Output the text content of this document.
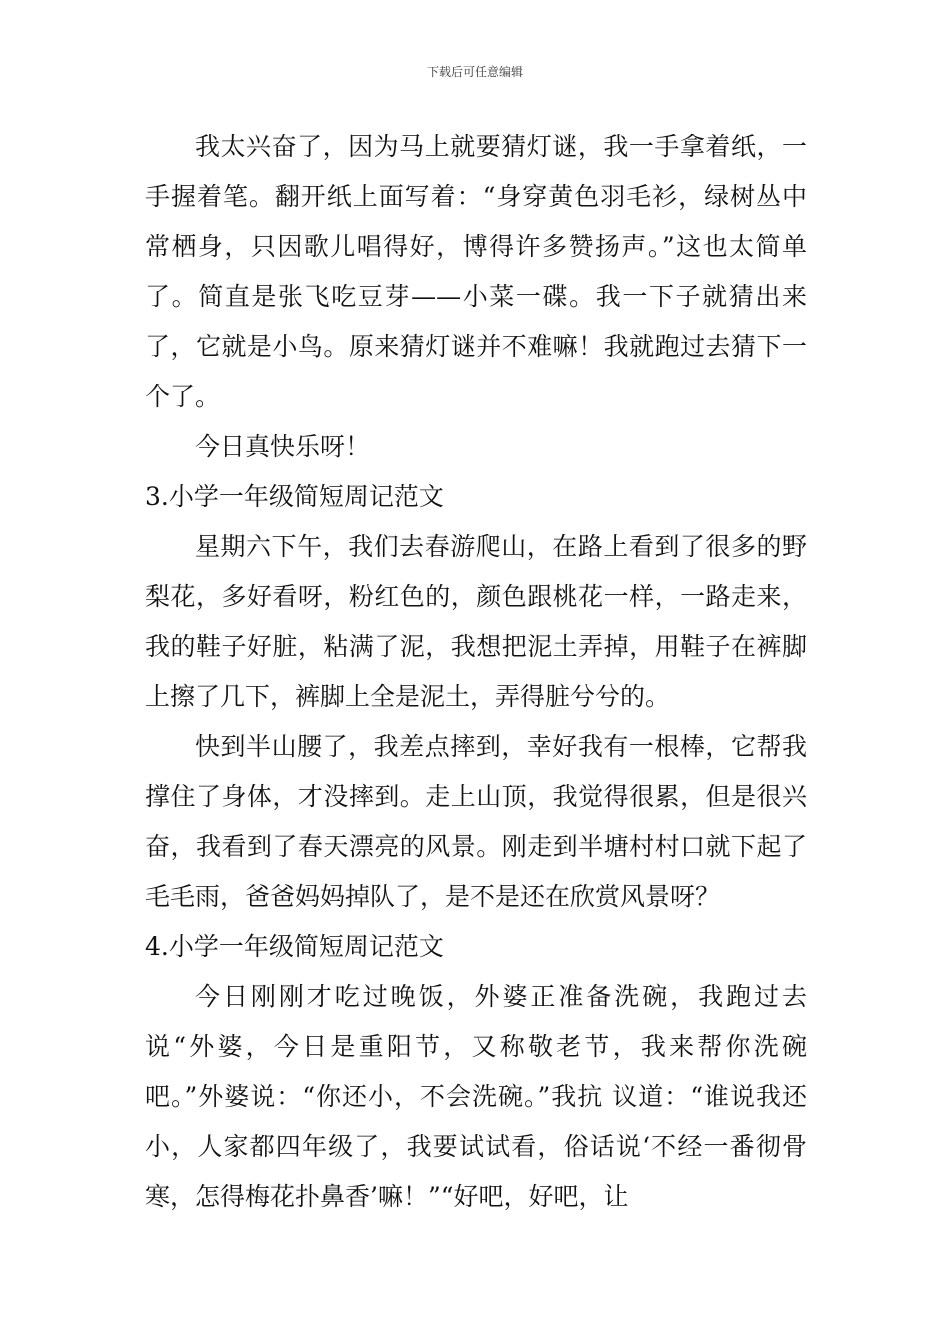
下载后可任意编辑

我太兴奋了，因为马上就要猜灯谜，我一手拿着纸，一手握着笔。翻开纸上面写着：“身穿黄色羽毛衫，绿树丛中常栖身，只因歌儿唱得好，博得许多赞扬声。”这也太简单了。简直是张飞吃豆芽——小菜一碟。我一下子就猜出来了，它就是小鸟。原来猜灯谜并不难嘛！我就跑过去猜下一个了。

今日真快乐呀！

3.小学一年级简短周记范文

星期六下午，我们去春游爬山，在路上看到了很多的野梨花，多好看呀，粉红色的，颜色跟桃花一样，一路走来，我的鞋子好脏，粘满了泥，我想把泥土弄掉，用鞋子在裤脚上擦了几下，裤脚上全是泥土，弄得脏兮兮的。

快到半山腰了，我差点摔到，幸好我有一根棒，它帮我撑住了身体，才没摔到。走上山顶，我觉得很累，但是很兴奋，我看到了春天漂亮的风景。刚走到半塘村村口就下起了毛毛雨，爸爸妈妈掉队了，是不是还在欣赏风景呀？

4.小学一年级简短周记范文

今日刚刚才吃过晚饭，外婆正准备洗碗，我跑过去说“外婆，今日是重阳节，又称敬老节，我来帮你洗碗吧。”外婆说：“你还小，不会洗碗。”我抗 议道：“谁说我还小，人家都四年级了，我要试试看，俗话说‘不经一番彻骨寒，怎得梅花扑鼻香’嘛！”“好吧，好吧，让
